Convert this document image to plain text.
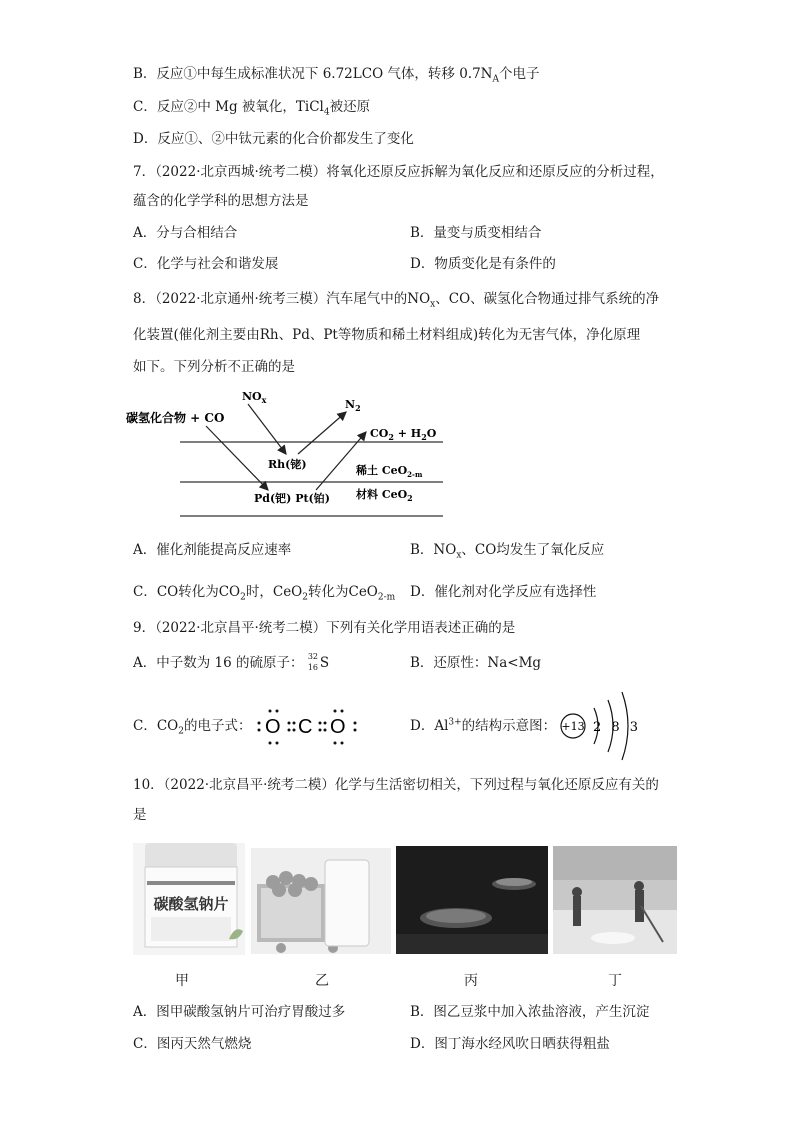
B．反应①中每生成标准状况下 6.72LCO 气体，转移 $0.7N_A$个电子
C．反应②中 Mg 被氧化，TiCl$_4$被还原
D．反应①、②中钛元素的化合价都发生了变化
7．（2022·北京西城·统考二模）将氧化还原反应拆解为氧化反应和还原反应的分析过程，
蕴含的化学学科的思想方法是
A．分与合相结合	B．量变与质变相结合
C．化学与社会和谐发展	D．物质变化是有条件的
8．（2022·北京通州·统考三模）汽车尾气中的$NO_x$、CO、碳氢化合物通过排气系统的净
化装置(催化剂主要由Rh、Pd、Pt等物质和稀土材料组成)转化为无害气体，净化原理
如下。下列分析不正确的是
$NO_x$	$N_2$
碳氢化合物 + CO
$CO_2 + H_2O$
Rh(铑)
Pd(钯) Pt(铂)
稀土 CeO$_{2-m}$
材料 CeO$_2$
A．催化剂能提高反应速率	B．$NO_x$、CO均发生了氧化反应
C．CO转化为$CO_2$时，CeO$_2$转化为CeO$_{2-m}$ D．催化剂对化学反应有选择性
9．（2022·北京昌平·统考二模）下列有关化学用语表述正确的是
A．中子数为 16 的硫原子： 32
16 S	B．还原性：Na<Mg
C．$CO_2$的电子式： O C O	D．$Al^{3+}$的结构示意图： +13 2 8 3
10．（2022·北京昌平·统考二模）化学与生活密切相关，下列过程与氧化还原反应有关的
是
碳酸氢钠片
甲	乙	丙	丁
A．图甲碳酸氢钠片可治疗胃酸过多	B．图乙豆浆中加入浓盐溶液，产生沉淀
C．图丙天然气燃烧	D．图丁海水经风吹日晒获得粗盐
